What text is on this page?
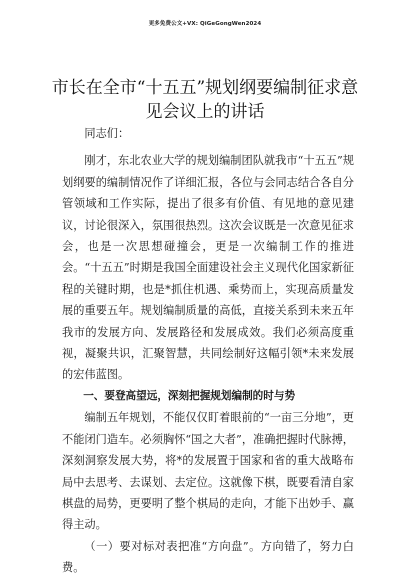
更多免费公文+VX: QiGeGongWen2024
市长在全市“十五五”规划纲要编制征求意见会议上的讲话

同志们：

刚才，东北农业大学的规划编制团队就我市“十五五”规划纲要的编制情况作了详细汇报，各位与会同志结合各自分管领域和工作实际，提出了很多有价值、有见地的意见建议，讨论很深入，氛围很热烈。这次会议既是一次意见征求会，也是一次思想碰撞会，更是一次编制工作的推进会。“十五五”时期是我国全面建设社会主义现代化国家新征程的关键时期，也是*抓住机遇、乘势而上，实现高质量发展的重要五年。规划编制质量的高低，直接关系到未来五年我市的发展方向、发展路径和发展成效。我们必须高度重视，凝聚共识，汇聚智慧，共同绘制好这幅引领*未来发展的宏伟蓝图。

一、要登高望远，深刻把握规划编制的时与势

编制五年规划，不能仅仅盯着眼前的“一亩三分地”，更不能闭门造车。必须胸怀“国之大者”，准确把握时代脉搏，深刻洞察发展大势，将*的发展置于国家和省的重大战略布局中去思考、去谋划、去定位。这就像下棋，既要看清自家棋盘的局势，更要明了整个棋局的走向，才能下出妙手、赢得主动。

（一）要对标对表把准“方向盘”。方向错了，努力白费。
